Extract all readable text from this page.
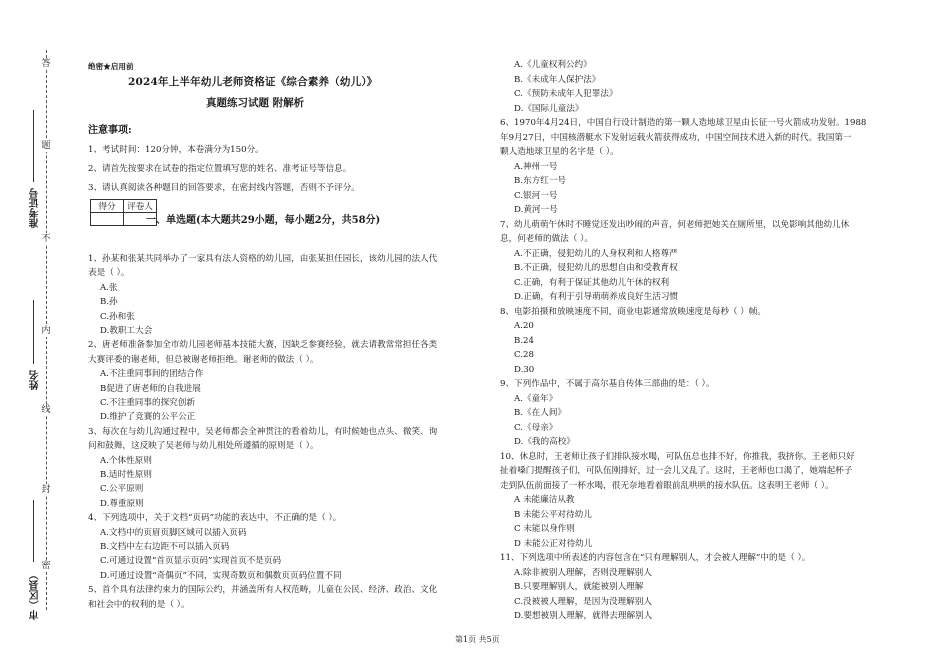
答
题
不
内
线
封
密
准考证号
姓名
市（区县）
绝密★启用前
2024年上半年幼儿老师资格证《综合素养（幼儿）》
真题练习试题 附解析
注意事项:
1、考试时间：120分钟，本卷满分为150分。
2、请首先按要求在试卷的指定位置填写您的姓名、准考证号等信息。
3、请认真阅读各种题目的回答要求，在密封线内答题，否则不予评分。
得分	评卷人

一、单选题(本大题共29小题，每小题2分，共58分)
1、孙某和张某共同举办了一家具有法人资格的幼儿园，由张某担任园长，该幼儿园的法人代
表是（ ）。
A.张
B.孙
C.孙和张
D.教职工大会
2、唐老师准备参加全市幼儿园老师基本技能大赛，因缺乏参赛经验，就去请教常常担任各类
大赛评委的谢老师，但总被谢老师拒绝。谢老师的做法（ ）。
A.不注重同事间的团结合作
B促进了唐老师的自我进展
C.不注重同事的探究创新
D.维护了竞赛的公平公正
3、每次在与幼儿沟通过程中，吴老师都会全神贯注的看着幼儿，有时候她也点头、微笑、询
问和鼓舞，这反映了吴老师与幼儿相处所遵循的原则是（ ）。
A.个体性原则
B.适时性原则
C.公平原则
D.尊重原则
4、下列选项中，关于文档“页码”功能的表达中，不正确的是（ ）。
A.文档中的页眉页脚区域可以插入页码
B.文档中左右边距不可以插入页码
C.可通过设置“首页显示页码”实现首页不是页码
D.可通过设置“奇偶页”不同，实现奇数页和偶数页页码位置不同
5、首个具有法律约束力的国际公约，并涵盖所有人权范畴，儿童在公民、经济、政治、文化
和社会中的权利的是（ ）。
A.《儿童权利公约》
B.《未成年人保护法》
C.《预防未成年人犯罪法》
D.《国际儿童法》
6、1970年4月24日，中国自行设计制造的第一颗人造地球卫星由长征一号火箭成功发射。1988
年9月27日，中国核潜艇水下发射运载火箭获得成功，中国空间技术进入新的时代。我国第一
颗人造地球卫星的名字是（ ）。
A.神州一号
B.东方红一号
C.银河一号
D.黄河一号
7、幼儿萌萌午休时不睡觉还发出吵闹的声音，何老师把她关在厕所里，以免影响其他幼儿休
息，何老师的做法（ ）。
A.不正确，侵犯幼儿的人身权利和人格尊严
B.不正确，侵犯幼儿的思想自由和受教育权
C.正确，有利于保证其他幼儿午休的权利
D.正确，有利于引导萌萌养成良好生活习惯
8、电影拍摄和放映速度不同，商业电影通常放映速度是每秒（ ）帧。
A.20
B.24
C.28
D.30
9、下列作品中，不属于高尔基自传体三部曲的是：（ ）。
A.《童年》
B.《在人间》
C.《母亲》
D.《我的高校》
10、休息时，王老师让孩子们排队接水喝，可队伍总也排不好，你推我，我挤你。王老师只好
扯着嗓门提醒孩子们，可队伍刚排好，过一会儿又乱了。这时，王老师也口渴了，她端起杯子
走到队伍前面接了一杯水喝，很无奈地看着眼前乱哄哄的接水队伍。这表明王老师（ ）。
A 未能廉洁从教
B 未能公平对待幼儿
C 未能以身作则
D 未能公正对待幼儿
11、下列选项中所表述的内容包含在“只有理解别人，才会被人理解”中的是（ ）。
A.除非被别人理解，否则没理解别人
B.只要理解别人，就能被别人理解
C.没被被人理解，是因为没理解别人
D.要想被别人理解，就得去理解别人
第1页 共5页
